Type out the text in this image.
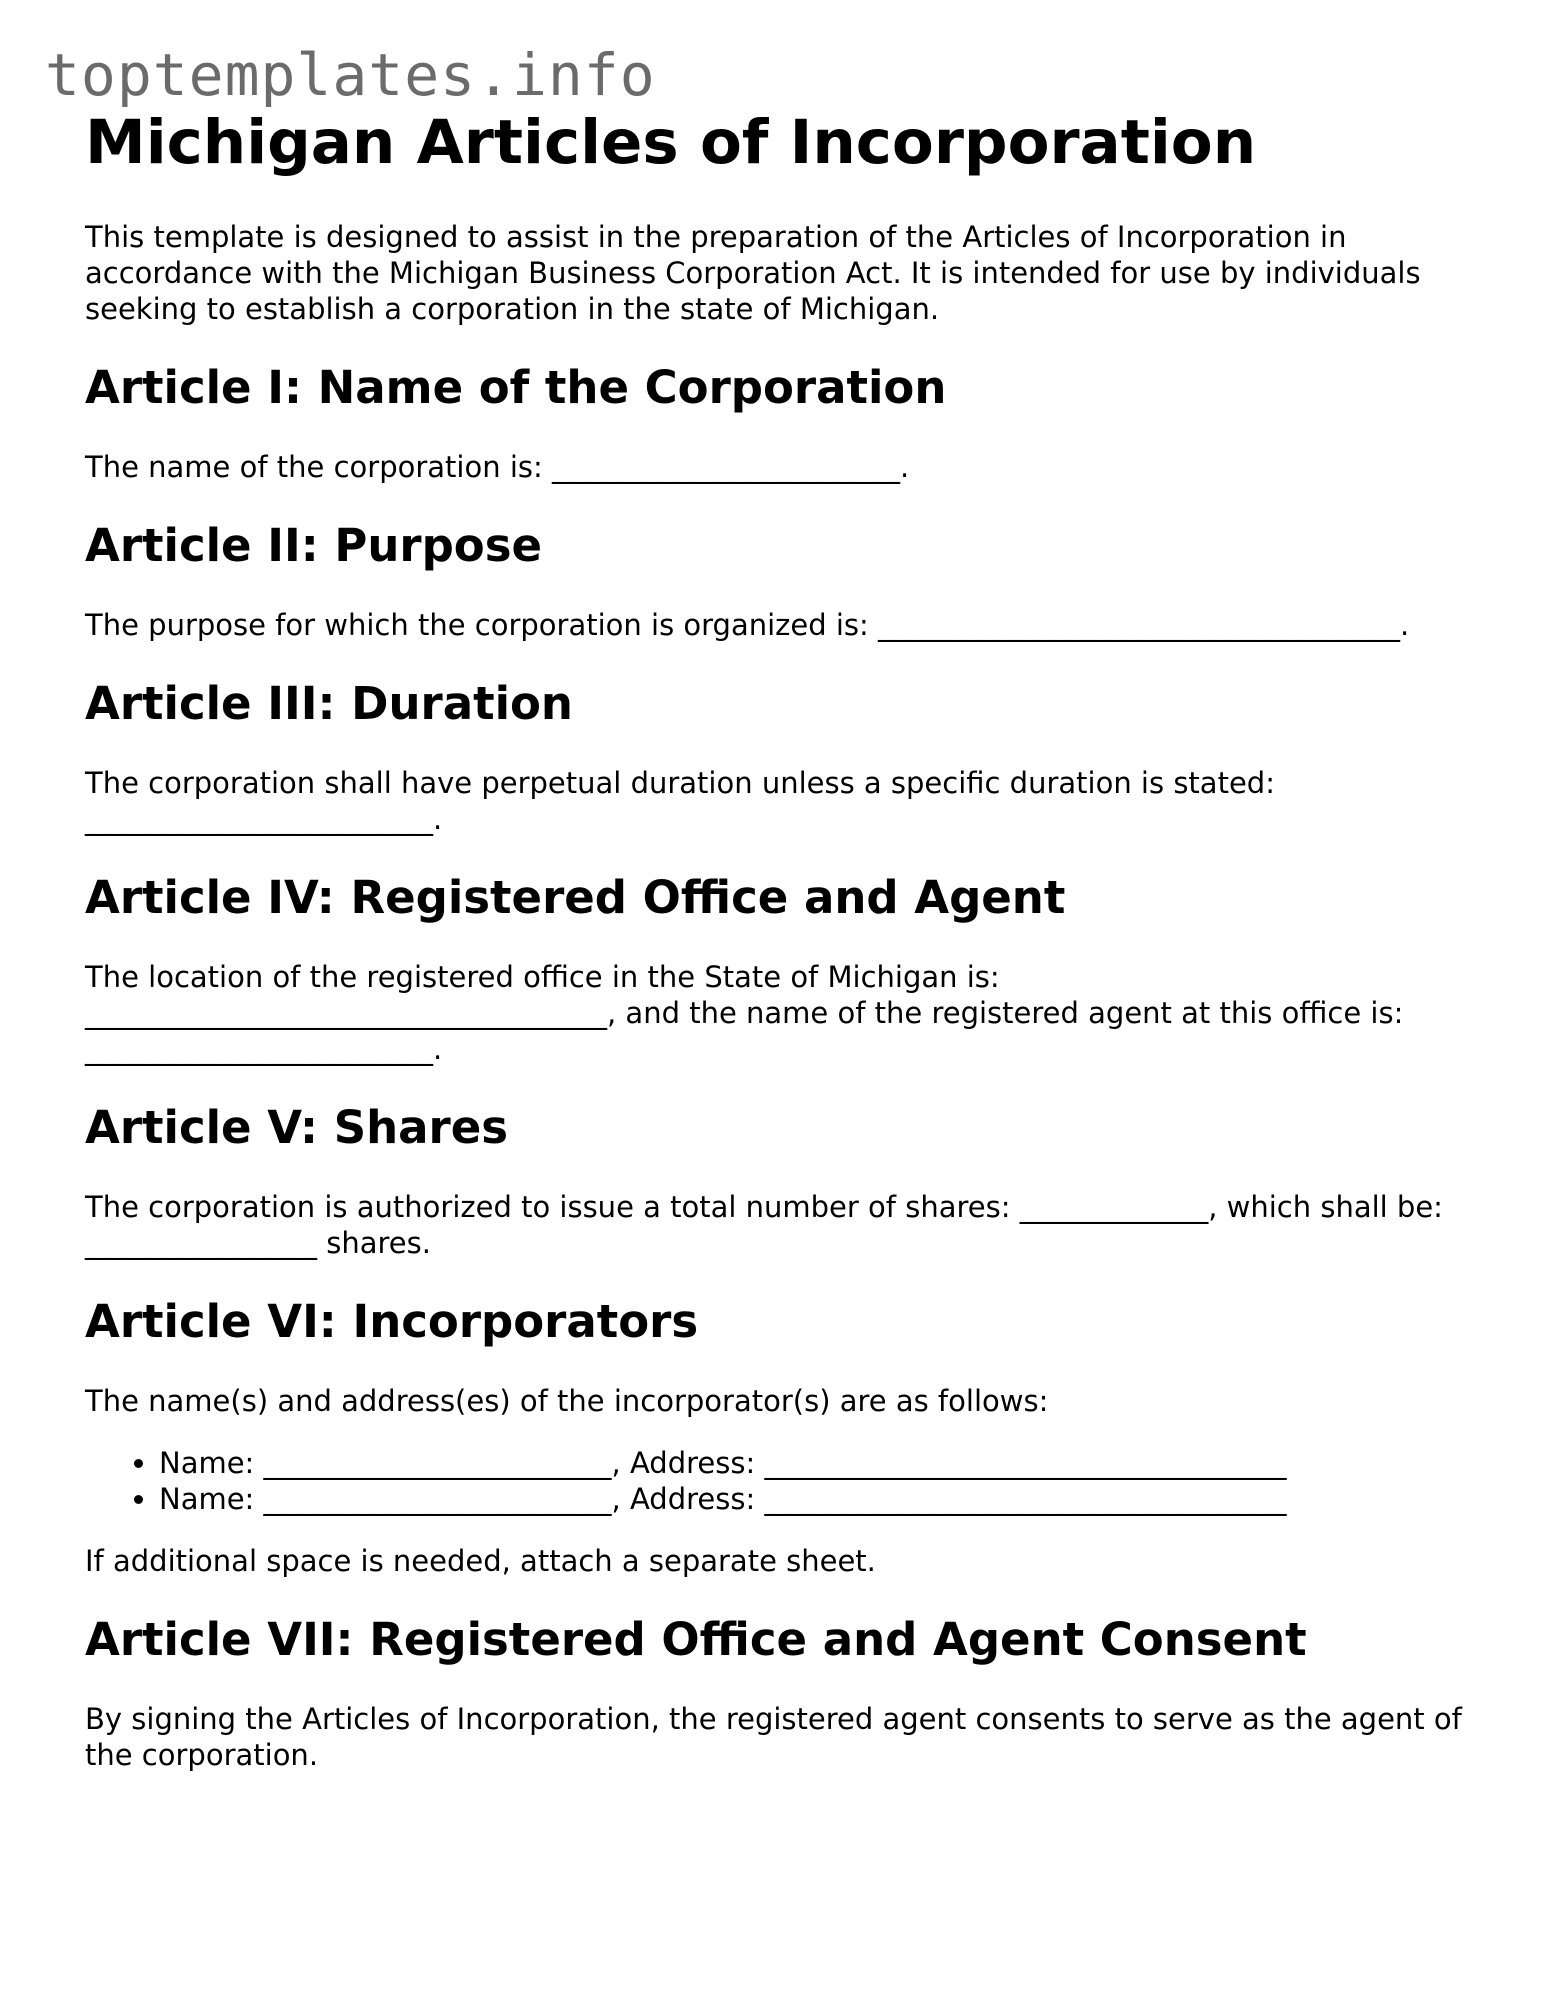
toptemplates.info
Michigan Articles of Incorporation

This template is designed to assist in the preparation of the Articles of Incorporation in accordance with the Michigan Business Corporation Act. It is intended for use by individuals seeking to establish a corporation in the state of Michigan.

Article I: Name of the Corporation

The name of the corporation is: ________________________.

Article II: Purpose

The purpose for which the corporation is organized is: ____________________________________.

Article III: Duration

The corporation shall have perpetual duration unless a specific duration is stated: ________________________.

Article IV: Registered Office and Agent

The location of the registered office in the State of Michigan is: ____________________________________, and the name of the registered agent at this office is: ________________________.

Article V: Shares

The corporation is authorized to issue a total number of shares: _____________, which shall be: ________________ shares.

Article VI: Incorporators

The name(s) and address(es) of the incorporator(s) are as follows:

• Name: ________________________, Address: ____________________________________
• Name: ________________________, Address: ____________________________________

If additional space is needed, attach a separate sheet.

Article VII: Registered Office and Agent Consent

By signing the Articles of Incorporation, the registered agent consents to serve as the agent of the corporation.
